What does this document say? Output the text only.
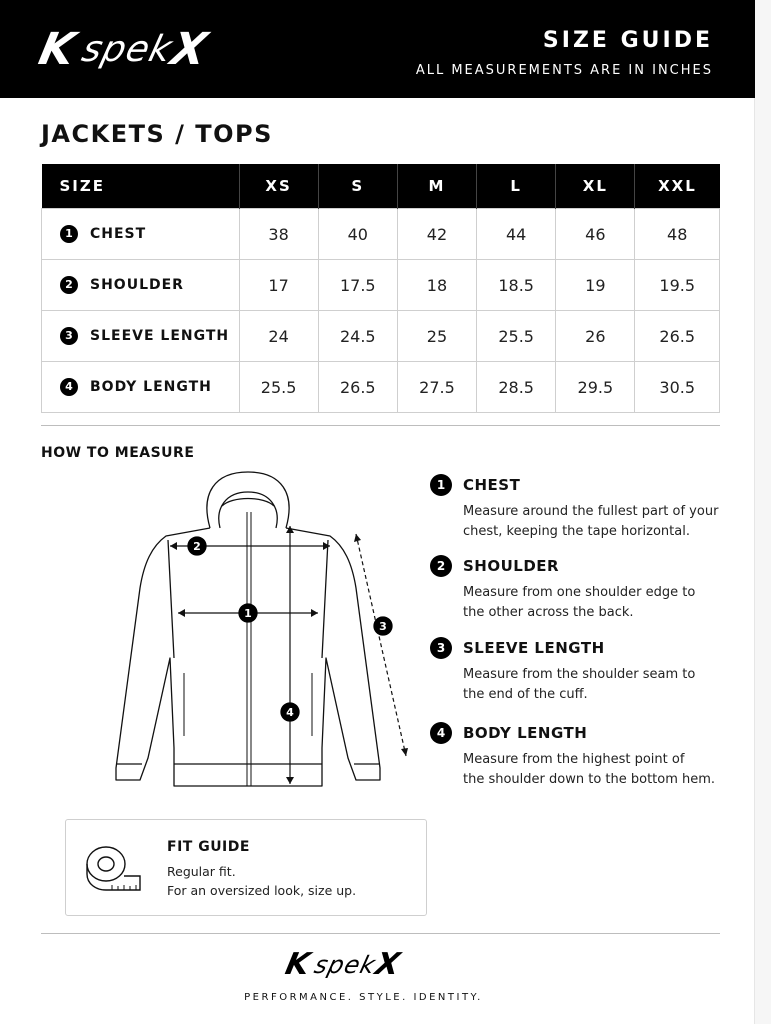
KspekX	SIZE GUIDE
ALL MEASUREMENTS ARE IN INCHES
JACKETS / TOPS
SIZE	XS	S	M	L	XL	XXL
1 CHEST	38	40	42	44	46	48
2 SHOULDER	17	17.5	18	18.5	19	19.5
3 SLEEVE LENGTH	24	24.5	25	25.5	26	26.5
4 BODY LENGTH	25.5	26.5	27.5	28.5	29.5	30.5
HOW TO MEASURE
2
1
3
4
1	CHEST
Measure around the fullest part of your
chest, keeping the tape horizontal.
2	SHOULDER
Measure from one shoulder edge to
the other across the back.
3	SLEEVE LENGTH
Measure from the shoulder seam to
the end of the cuff.
4	BODY LENGTH
Measure from the highest point of
the shoulder down to the bottom hem.
FIT GUIDE
Regular fit.
For an oversized look, size up.
KspekX
PERFORMANCE. STYLE. IDENTITY.
